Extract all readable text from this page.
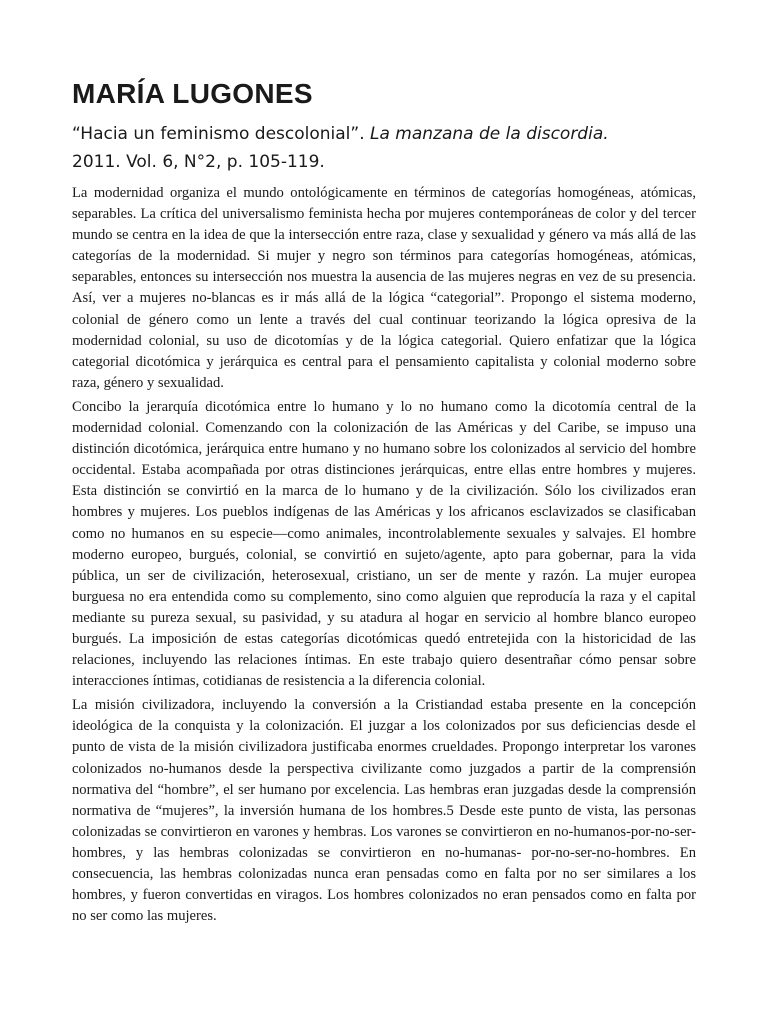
MARÍA LUGONES
“Hacia un feminismo descolonial”. La manzana de la discordia.
2011. Vol. 6, N°2, p. 105-119.

La modernidad organiza el mundo ontológicamente en términos de categorías homogéneas, atómicas, separables. La crítica del universalismo feminista hecha por mujeres contemporáneas de color y del tercer mundo se centra en la idea de que la intersección entre raza, clase y sexualidad y género va más allá de las categorías de la modernidad. Si mujer y negro son términos para categorías homogéneas, atómicas, separables, entonces su intersección nos muestra la ausencia de las mujeres negras en vez de su presencia. Así, ver a mujeres no-blancas es ir más allá de la lógica “categorial”. Propongo el sistema moderno, colonial de género como un lente a través del cual continuar teorizando la lógica opresiva de la modernidad colonial, su uso de dicotomías y de la lógica categorial. Quiero enfatizar que la lógica categorial dicotómica y jerárquica es central para el pensamiento capitalista y colonial moderno sobre raza, género y sexualidad.

Concibo la jerarquía dicotómica entre lo humano y lo no humano como la dicotomía central de la modernidad colonial. Comenzando con la colonización de las Américas y del Caribe, se impuso una distinción dicotómica, jerárquica entre humano y no humano sobre los colonizados al servicio del hombre occidental. Estaba acompañada por otras distinciones jerárquicas, entre ellas entre hombres y mujeres. Esta distinción se convirtió en la marca de lo humano y de la civilización. Sólo los civilizados eran hombres y mujeres. Los pueblos indígenas de las Américas y los africanos esclavizados se clasificaban como no humanos en su especie—como animales, incontrolablemente sexuales y salvajes. El hombre moderno europeo, burgués, colonial, se convirtió en sujeto/agente, apto para gobernar, para la vida pública, un ser de civilización, heterosexual, cristiano, un ser de mente y razón. La mujer europea burguesa no era entendida como su complemento, sino como alguien que reproducía la raza y el capital mediante su pureza sexual, su pasividad, y su atadura al hogar en servicio al hombre blanco europeo burgués. La imposición de estas categorías dicotómicas quedó entretejida con la historicidad de las relaciones, incluyendo las relaciones íntimas. En este trabajo quiero desentrañar cómo pensar sobre interacciones íntimas, cotidianas de resistencia a la diferencia colonial.

La misión civilizadora, incluyendo la conversión a la Cristiandad estaba presente en la concepción ideológica de la conquista y la colonización. El juzgar a los colonizados por sus deficiencias desde el punto de vista de la misión civilizadora justificaba enormes crueldades. Propongo interpretar los varones colonizados no-humanos desde la perspectiva civilizante como juzgados a partir de la comprensión normativa del “hombre”, el ser humano por excelencia. Las hembras eran juzgadas desde la comprensión normativa de “mujeres”, la inversión humana de los hombres.5 Desde este punto de vista, las personas colonizadas se convirtieron en varones y hembras. Los varones se convirtieron en no-humanos-por-no-ser-hombres, y las hembras colonizadas se convirtieron en no-humanas- por-no-ser-no-hombres. En consecuencia, las hembras colonizadas nunca eran pensadas como en falta por no ser similares a los hombres, y fueron convertidas en viragos. Los hombres colonizados no eran pensados como en falta por no ser como las mujeres.
